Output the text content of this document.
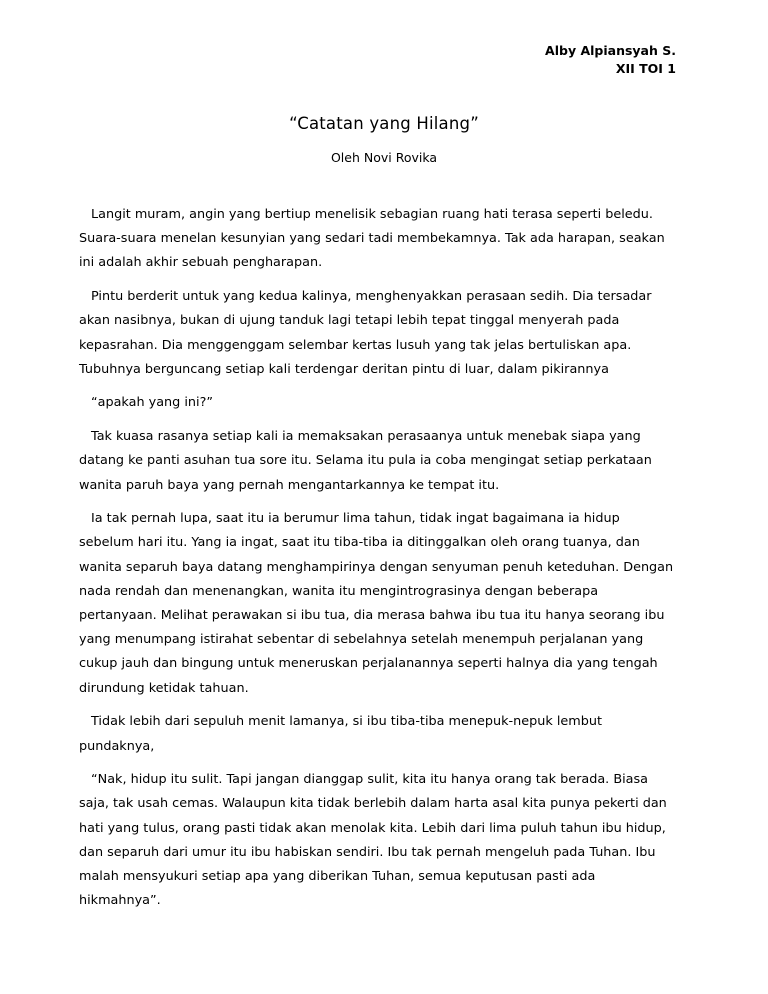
Alby Alpiansyah S.
XII TOI 1
“Catatan yang Hilang”
Oleh Novi Rovika

Langit muram, angin yang bertiup menelisik sebagian ruang hati terasa seperti beledu.
Suara-suara menelan kesunyian yang sedari tadi membekamnya. Tak ada harapan, seakan
ini adalah akhir sebuah pengharapan.

Pintu berderit untuk yang kedua kalinya, menghenyakkan perasaan sedih. Dia tersadar
akan nasibnya, bukan di ujung tanduk lagi tetapi lebih tepat tinggal menyerah pada
kepasrahan. Dia menggenggam selembar kertas lusuh yang tak jelas bertuliskan apa.
Tubuhnya berguncang setiap kali terdengar deritan pintu di luar, dalam pikirannya

“apakah yang ini?”

Tak kuasa rasanya setiap kali ia memaksakan perasaanya untuk menebak siapa yang
datang ke panti asuhan tua sore itu. Selama itu pula ia coba mengingat setiap perkataan
wanita paruh baya yang pernah mengantarkannya ke tempat itu.

Ia tak pernah lupa, saat itu ia berumur lima tahun, tidak ingat bagaimana ia hidup
sebelum hari itu. Yang ia ingat, saat itu tiba-tiba ia ditinggalkan oleh orang tuanya, dan
wanita separuh baya datang menghampirinya dengan senyuman penuh keteduhan. Dengan
nada rendah dan menenangkan, wanita itu mengintrograsinya dengan beberapa
pertanyaan. Melihat perawakan si ibu tua, dia merasa bahwa ibu tua itu hanya seorang ibu
yang menumpang istirahat sebentar di sebelahnya setelah menempuh perjalanan yang
cukup jauh dan bingung untuk meneruskan perjalanannya seperti halnya dia yang tengah
dirundung ketidak tahuan.

Tidak lebih dari sepuluh menit lamanya, si ibu tiba-tiba menepuk-nepuk lembut
pundaknya,

“Nak, hidup itu sulit. Tapi jangan dianggap sulit, kita itu hanya orang tak berada. Biasa
saja, tak usah cemas. Walaupun kita tidak berlebih dalam harta asal kita punya pekerti dan
hati yang tulus, orang pasti tidak akan menolak kita. Lebih dari lima puluh tahun ibu hidup,
dan separuh dari umur itu ibu habiskan sendiri. Ibu tak pernah mengeluh pada Tuhan. Ibu
malah mensyukuri setiap apa yang diberikan Tuhan, semua keputusan pasti ada
hikmahnya”.
